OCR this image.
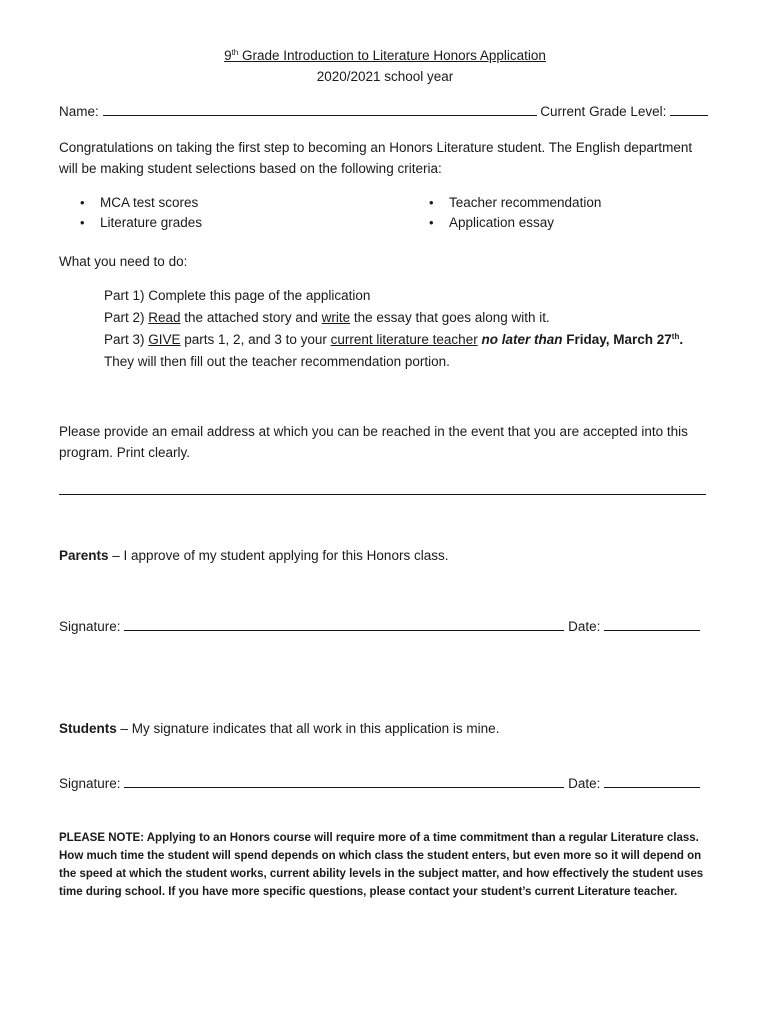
9th Grade Introduction to Literature Honors Application
2020/2021 school year
Name:	Current Grade Level:
Congratulations on taking the first step to becoming an Honors Literature student. The English department will be making student selections based on the following criteria:
• MCA test scores
• Literature grades
• Teacher recommendation
• Application essay
What you need to do:
Part 1) Complete this page of the application
Part 2) Read the attached story and write the essay that goes along with it.
Part 3) GIVE parts 1, 2, and 3 to your current literature teacher no later than Friday, March 27th.
They will then fill out the teacher recommendation portion.
Please provide an email address at which you can be reached in the event that you are accepted into this program. Print clearly.
Parents – I approve of my student applying for this Honors class.
Signature:	Date:
Students – My signature indicates that all work in this application is mine.
Signature:	Date:
PLEASE NOTE: Applying to an Honors course will require more of a time commitment than a regular Literature class. How much time the student will spend depends on which class the student enters, but even more so it will depend on the speed at which the student works, current ability levels in the subject matter, and how effectively the student uses time during school. If you have more specific questions, please contact your student’s current Literature teacher.
